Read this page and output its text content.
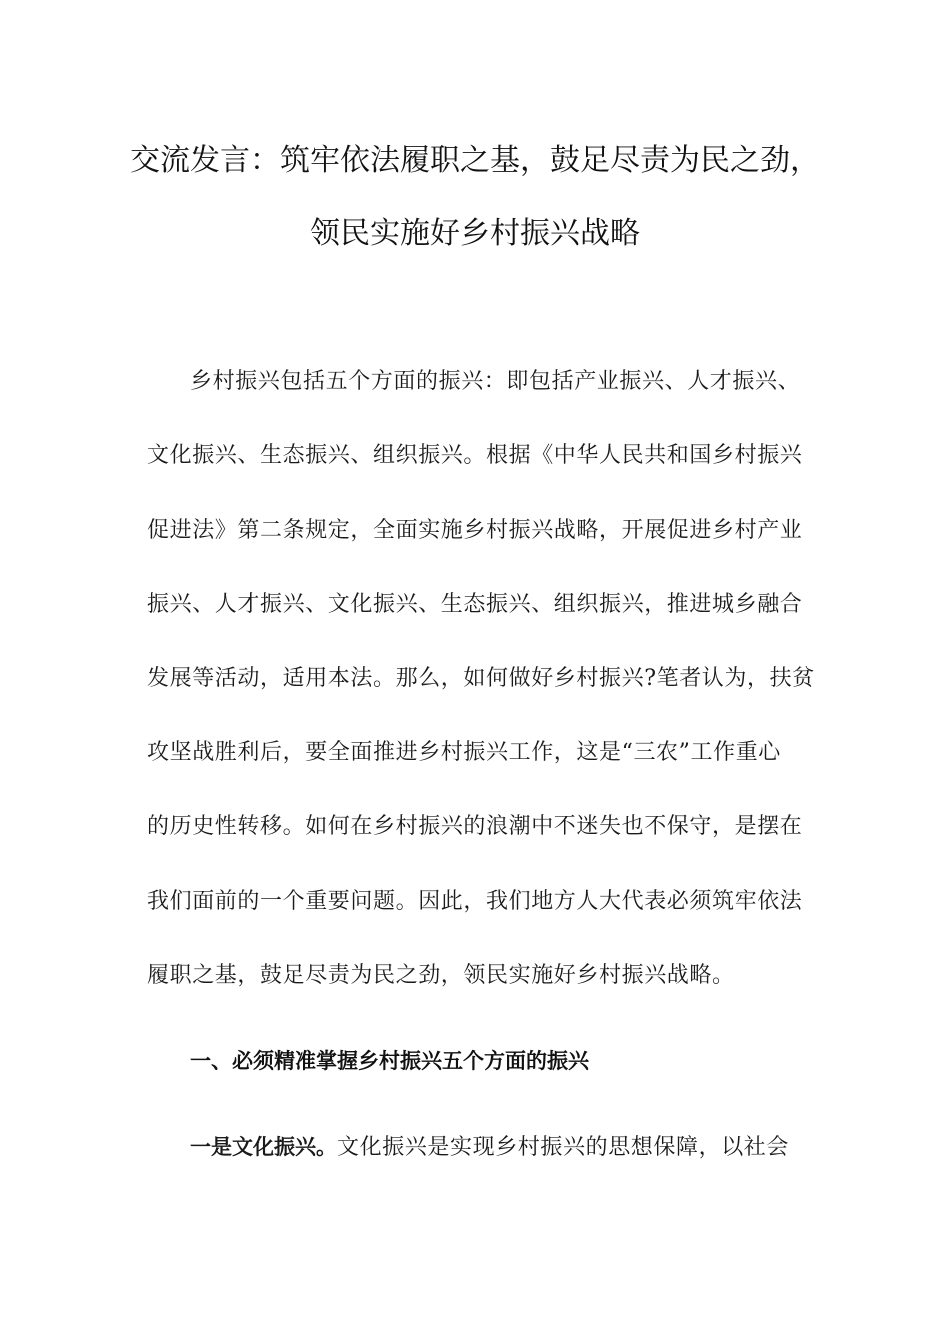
交流发言：筑牢依法履职之基，鼓足尽责为民之劲，
领民实施好乡村振兴战略
乡村振兴包括五个方面的振兴：即包括产业振兴、人才振兴、
文化振兴、生态振兴、组织振兴。根据《中华人民共和国乡村振兴
促进法》第二条规定，全面实施乡村振兴战略，开展促进乡村产业
振兴、人才振兴、文化振兴、生态振兴、组织振兴，推进城乡融合
发展等活动，适用本法。那么，如何做好乡村振兴?笔者认为，扶贫
攻坚战胜利后，要全面推进乡村振兴工作，这是“三农”工作重心
的历史性转移。如何在乡村振兴的浪潮中不迷失也不保守，是摆在
我们面前的一个重要问题。因此，我们地方人大代表必须筑牢依法
履职之基，鼓足尽责为民之劲，领民实施好乡村振兴战略。
一、必须精准掌握乡村振兴五个方面的振兴
一是文化振兴。文化振兴是实现乡村振兴的思想保障，以社会
